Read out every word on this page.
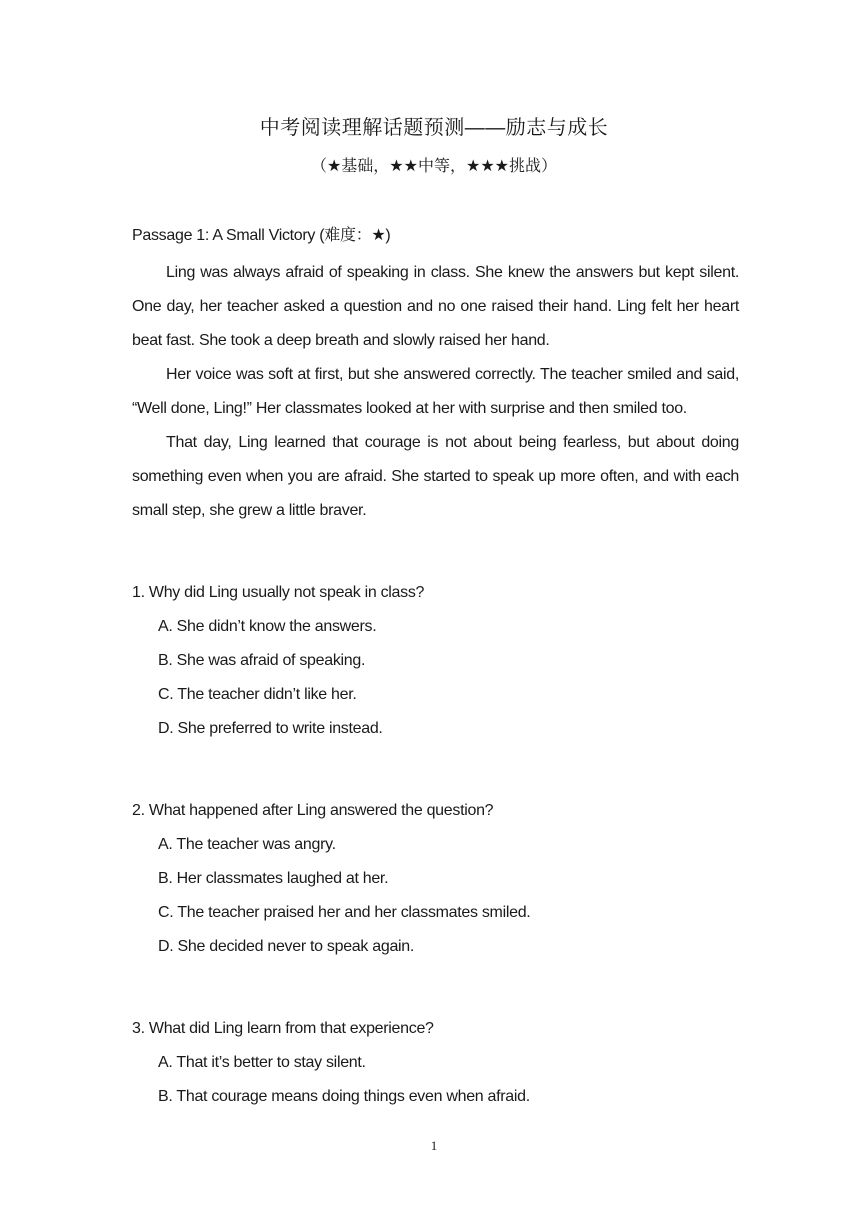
中考阅读理解话题预测——励志与成长
（★基础，★★中等，★★★挑战）
Passage 1: A Small Victory (难度：★)

Ling was always afraid of speaking in class. She knew the answers but kept silent. One day, her teacher asked a question and no one raised their hand. Ling felt her heart beat fast. She took a deep breath and slowly raised her hand.

Her voice was soft at first, but she answered correctly. The teacher smiled and said, “Well done, Ling!” Her classmates looked at her with surprise and then smiled too.

That day, Ling learned that courage is not about being fearless, but about doing something even when you are afraid. She started to speak up more often, and with each small step, she grew a little braver.

1. Why did Ling usually not speak in class?
A. She didn’t know the answers.
B. She was afraid of speaking.
C. The teacher didn’t like her.
D. She preferred to write instead.
2. What happened after Ling answered the question?
A. The teacher was angry.
B. Her classmates laughed at her.
C. The teacher praised her and her classmates smiled.
D. She decided never to speak again.
3. What did Ling learn from that experience?
A. That it’s better to stay silent.
B. That courage means doing things even when afraid.
1
